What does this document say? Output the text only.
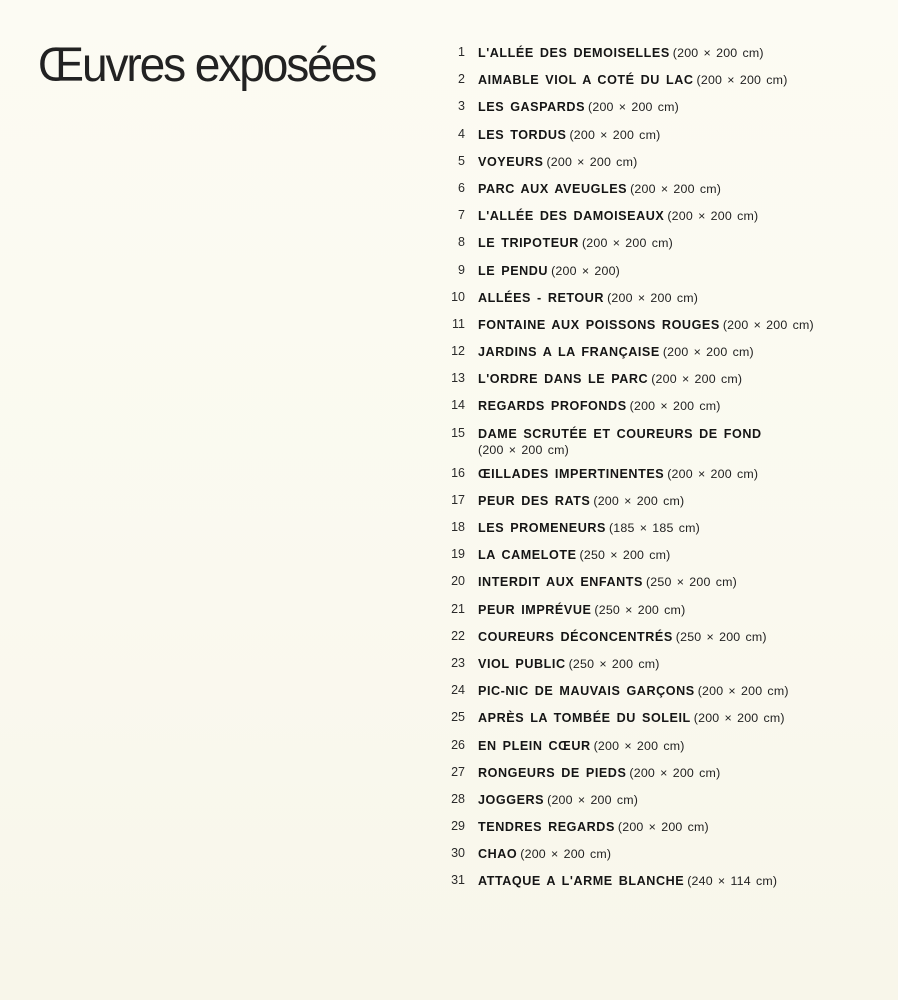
Œuvres exposées	1 L'ALLÉE DES DEMOISELLES (200 × 200 cm)
2 AIMABLE VIOL A COTÉ DU LAC (200 × 200 cm)
3 LES GASPARDS (200 × 200 cm)
4 LES TORDUS (200 × 200 cm)
5 VOYEURS (200 × 200 cm)
6 PARC AUX AVEUGLES (200 × 200 cm)
7 L'ALLÉE DES DAMOISEAUX (200 × 200 cm)
8 LE TRIPOTEUR (200 × 200 cm)
9 LE PENDU (200 × 200)
10 ALLÉES - RETOUR (200 × 200 cm)
11 FONTAINE AUX POISSONS ROUGES (200 × 200 cm)
12 JARDINS A LA FRANÇAISE (200 × 200 cm)
13 L'ORDRE DANS LE PARC (200 × 200 cm)
14 REGARDS PROFONDS (200 × 200 cm)
15 DAME SCRUTÉE ET COUREURS DE FOND
(200 × 200 cm)
16 ŒILLADES IMPERTINENTES (200 × 200 cm)
17 PEUR DES RATS (200 × 200 cm)
18 LES PROMENEURS (185 × 185 cm)
19 LA CAMELOTE (250 × 200 cm)
20 INTERDIT AUX ENFANTS (250 × 200 cm)
21 PEUR IMPRÉVUE (250 × 200 cm)
22 COUREURS DÉCONCENTRÉS (250 × 200 cm)
23 VIOL PUBLIC (250 × 200 cm)
24 PIC-NIC DE MAUVAIS GARÇONS (200 × 200 cm)
25 APRÈS LA TOMBÉE DU SOLEIL (200 × 200 cm)
26 EN PLEIN CŒUR (200 × 200 cm)
27 RONGEURS DE PIEDS (200 × 200 cm)
28 JOGGERS (200 × 200 cm)
29 TENDRES REGARDS (200 × 200 cm)
30 CHAO (200 × 200 cm)
31 ATTAQUE A L'ARME BLANCHE (240 × 114 cm)
